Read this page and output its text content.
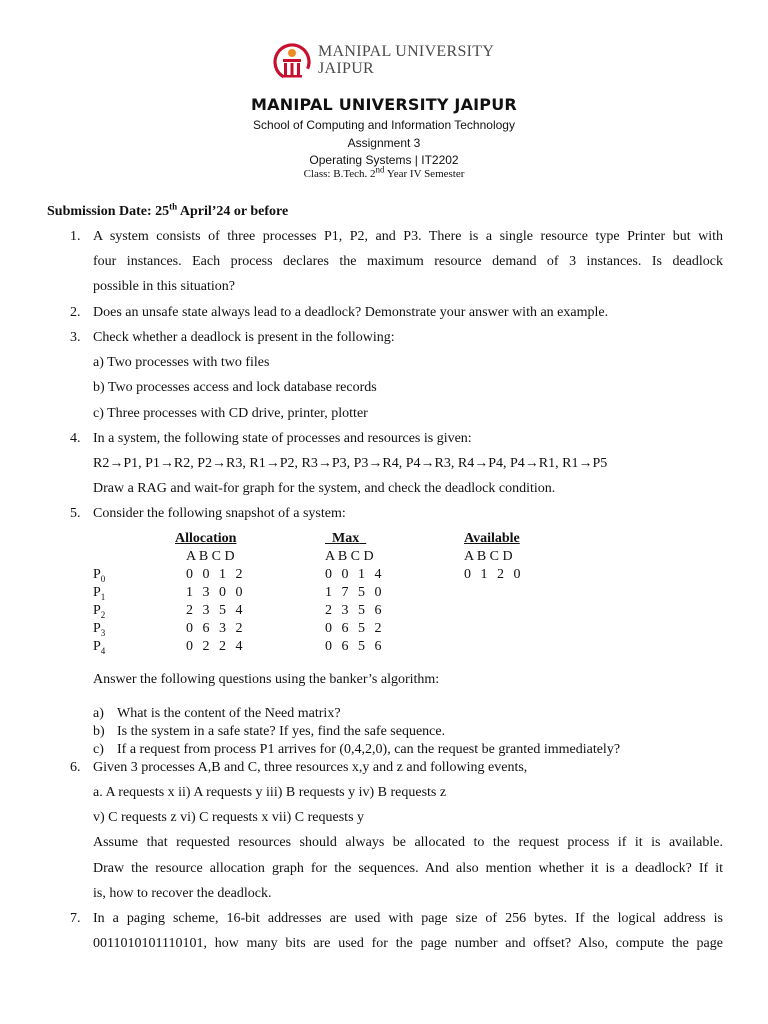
MANIPAL UNIVERSITY
JAIPUR
MANIPAL UNIVERSITY JAIPUR
School of Computing and Information Technology
Assignment 3
Operating Systems | IT2202
Class: B.Tech. 2nd Year IV Semester
Submission Date: 25th April’24 or before
1. A system consists of three processes P1, P2, and P3. There is a single resource type Printer but with
four instances. Each process declares the maximum resource demand of 3 instances. Is deadlock
possible in this situation?
2. Does an unsafe state always lead to a deadlock? Demonstrate your answer with an example.
3. Check whether a deadlock is present in the following:
a) Two processes with two files
b) Two processes access and lock database records
c) Three processes with CD drive, printer, plotter
4. In a system, the following state of processes and resources is given:
R2→P1, P1→R2, P2→R3, R1→P2, R3→P3, P3→R4, P4→R3, R4→P4, P4→R1, R1→P5
Draw a RAG and wait-for graph for the system, and check the deadlock condition.
5. Consider the following snapshot of a system:
Allocation	Max	Available
A B C D	A B C D	A B C D
$P_0$	0 0 1 2	0 0 1 4	0 1 2 0
$P_1$	1 3 0 0	1 7 5 0
$P_2$	2 3 5 4	2 3 5 6
$P_3$	0 6 3 2	0 6 5 2
$P_4$	0 2 2 4	0 6 5 6
Answer the following questions using the banker’s algorithm:
a) What is the content of the Need matrix?
b) Is the system in a safe state? If yes, find the safe sequence.
c) If a request from process P1 arrives for (0,4,2,0), can the request be granted immediately?
6. Given 3 processes A,B and C, three resources x,y and z and following events,
a. A requests x ii) A requests y iii) B requests y iv) B requests z
v) C requests z vi) C requests x vii) C requests y
Assume that requested resources should always be allocated to the request process if it is available.
Draw the resource allocation graph for the sequences. And also mention whether it is a deadlock? If it
is, how to recover the deadlock.
7. In a paging scheme, 16-bit addresses are used with page size of 256 bytes. If the logical address is
0011010101110101, how many bits are used for the page number and offset? Also, compute the page
